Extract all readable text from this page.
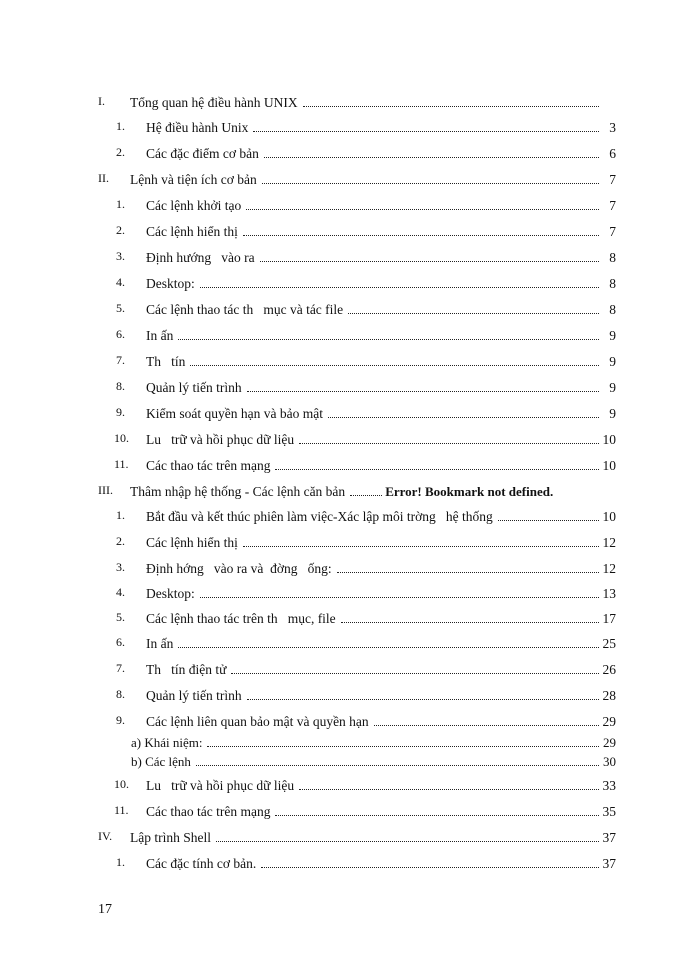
I. Tổng quan hệ điều hành UNIX
1. Hệ điều hành Unix	3
2. Các đặc điểm cơ bản	6
II. Lệnh và tiện ích cơ bản	7
1. Các lệnh khởi tạo	7
2. Các lệnh hiển thị	7
3. Định hướng   vào ra	8
4. Desktop:	8
5. Các lệnh thao tác th   mục và tác file	8
6. In ấn	9
7. Th   tín	9
8. Quản lý tiến trình	9
9. Kiểm soát quyền hạn và bảo mật	9
10. Lu   trữ và hồi phục dữ liệu	10
11. Các thao tác trên mạng	10
III. Thâm nhập hệ thống - Các lệnh căn bản	Error! Bookmark not defined.
1. Bắt đầu và kết thúc phiên làm việc-Xác lập môi trờng   hệ thống	10
2. Các lệnh hiển thị	12
3. Định hớng   vào ra và  đờng   ống:	12
4. Desktop:	13
5. Các lệnh thao tác trên th   mục, file	17
6. In ấn	25
7. Th   tín điện tử	26
8. Quản lý tiến trình	28
9. Các lệnh liên quan bảo mật và quyền hạn	29
a) Khái niệm:	29
b) Các lệnh	30
10. Lu   trữ và hồi phục dữ liệu	33
11. Các thao tác trên mạng	35
IV. Lập trình Shell	37
1. Các đặc tính cơ bản.	37
17
